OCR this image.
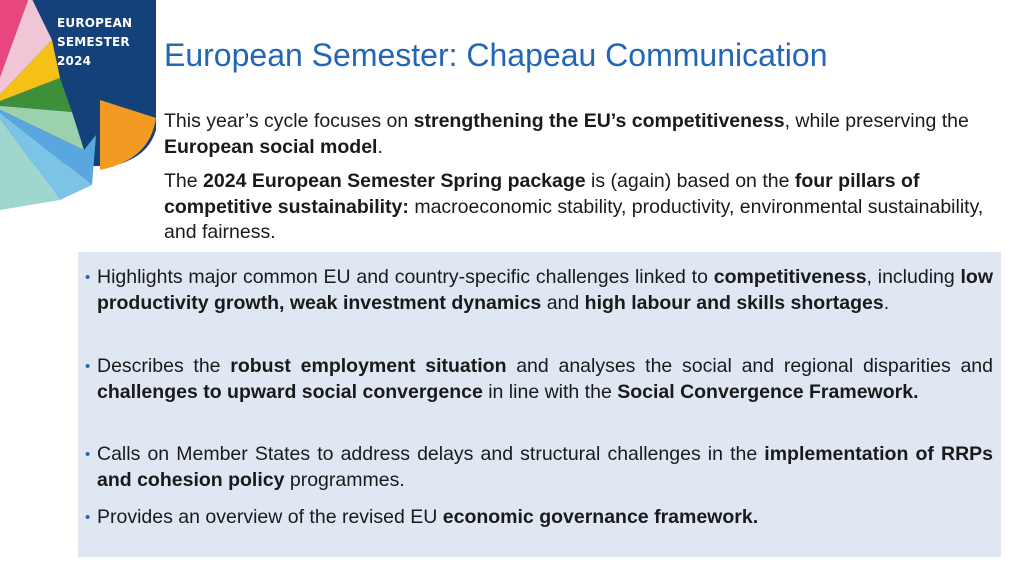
EUROPEAN
SEMESTER
2024	European Semester: Chapeau Communication

This year’s cycle focuses on strengthening the EU’s competitiveness, while preserving the European social model.

The 2024 European Semester Spring package is (again) based on the four pillars of competitive sustainability: macroeconomic stability, productivity, environmental sustainability, and fairness.

• Highlights major common EU and country-specific challenges linked to competitiveness, including low productivity growth, weak investment dynamics and high labour and skills shortages.
• Describes the robust employment situation and analyses the social and regional disparities and challenges to upward social convergence in line with the Social Convergence Framework.
• Calls on Member States to address delays and structural challenges in the implementation of RRPs and cohesion policy programmes.
• Provides an overview of the revised EU economic governance framework.
